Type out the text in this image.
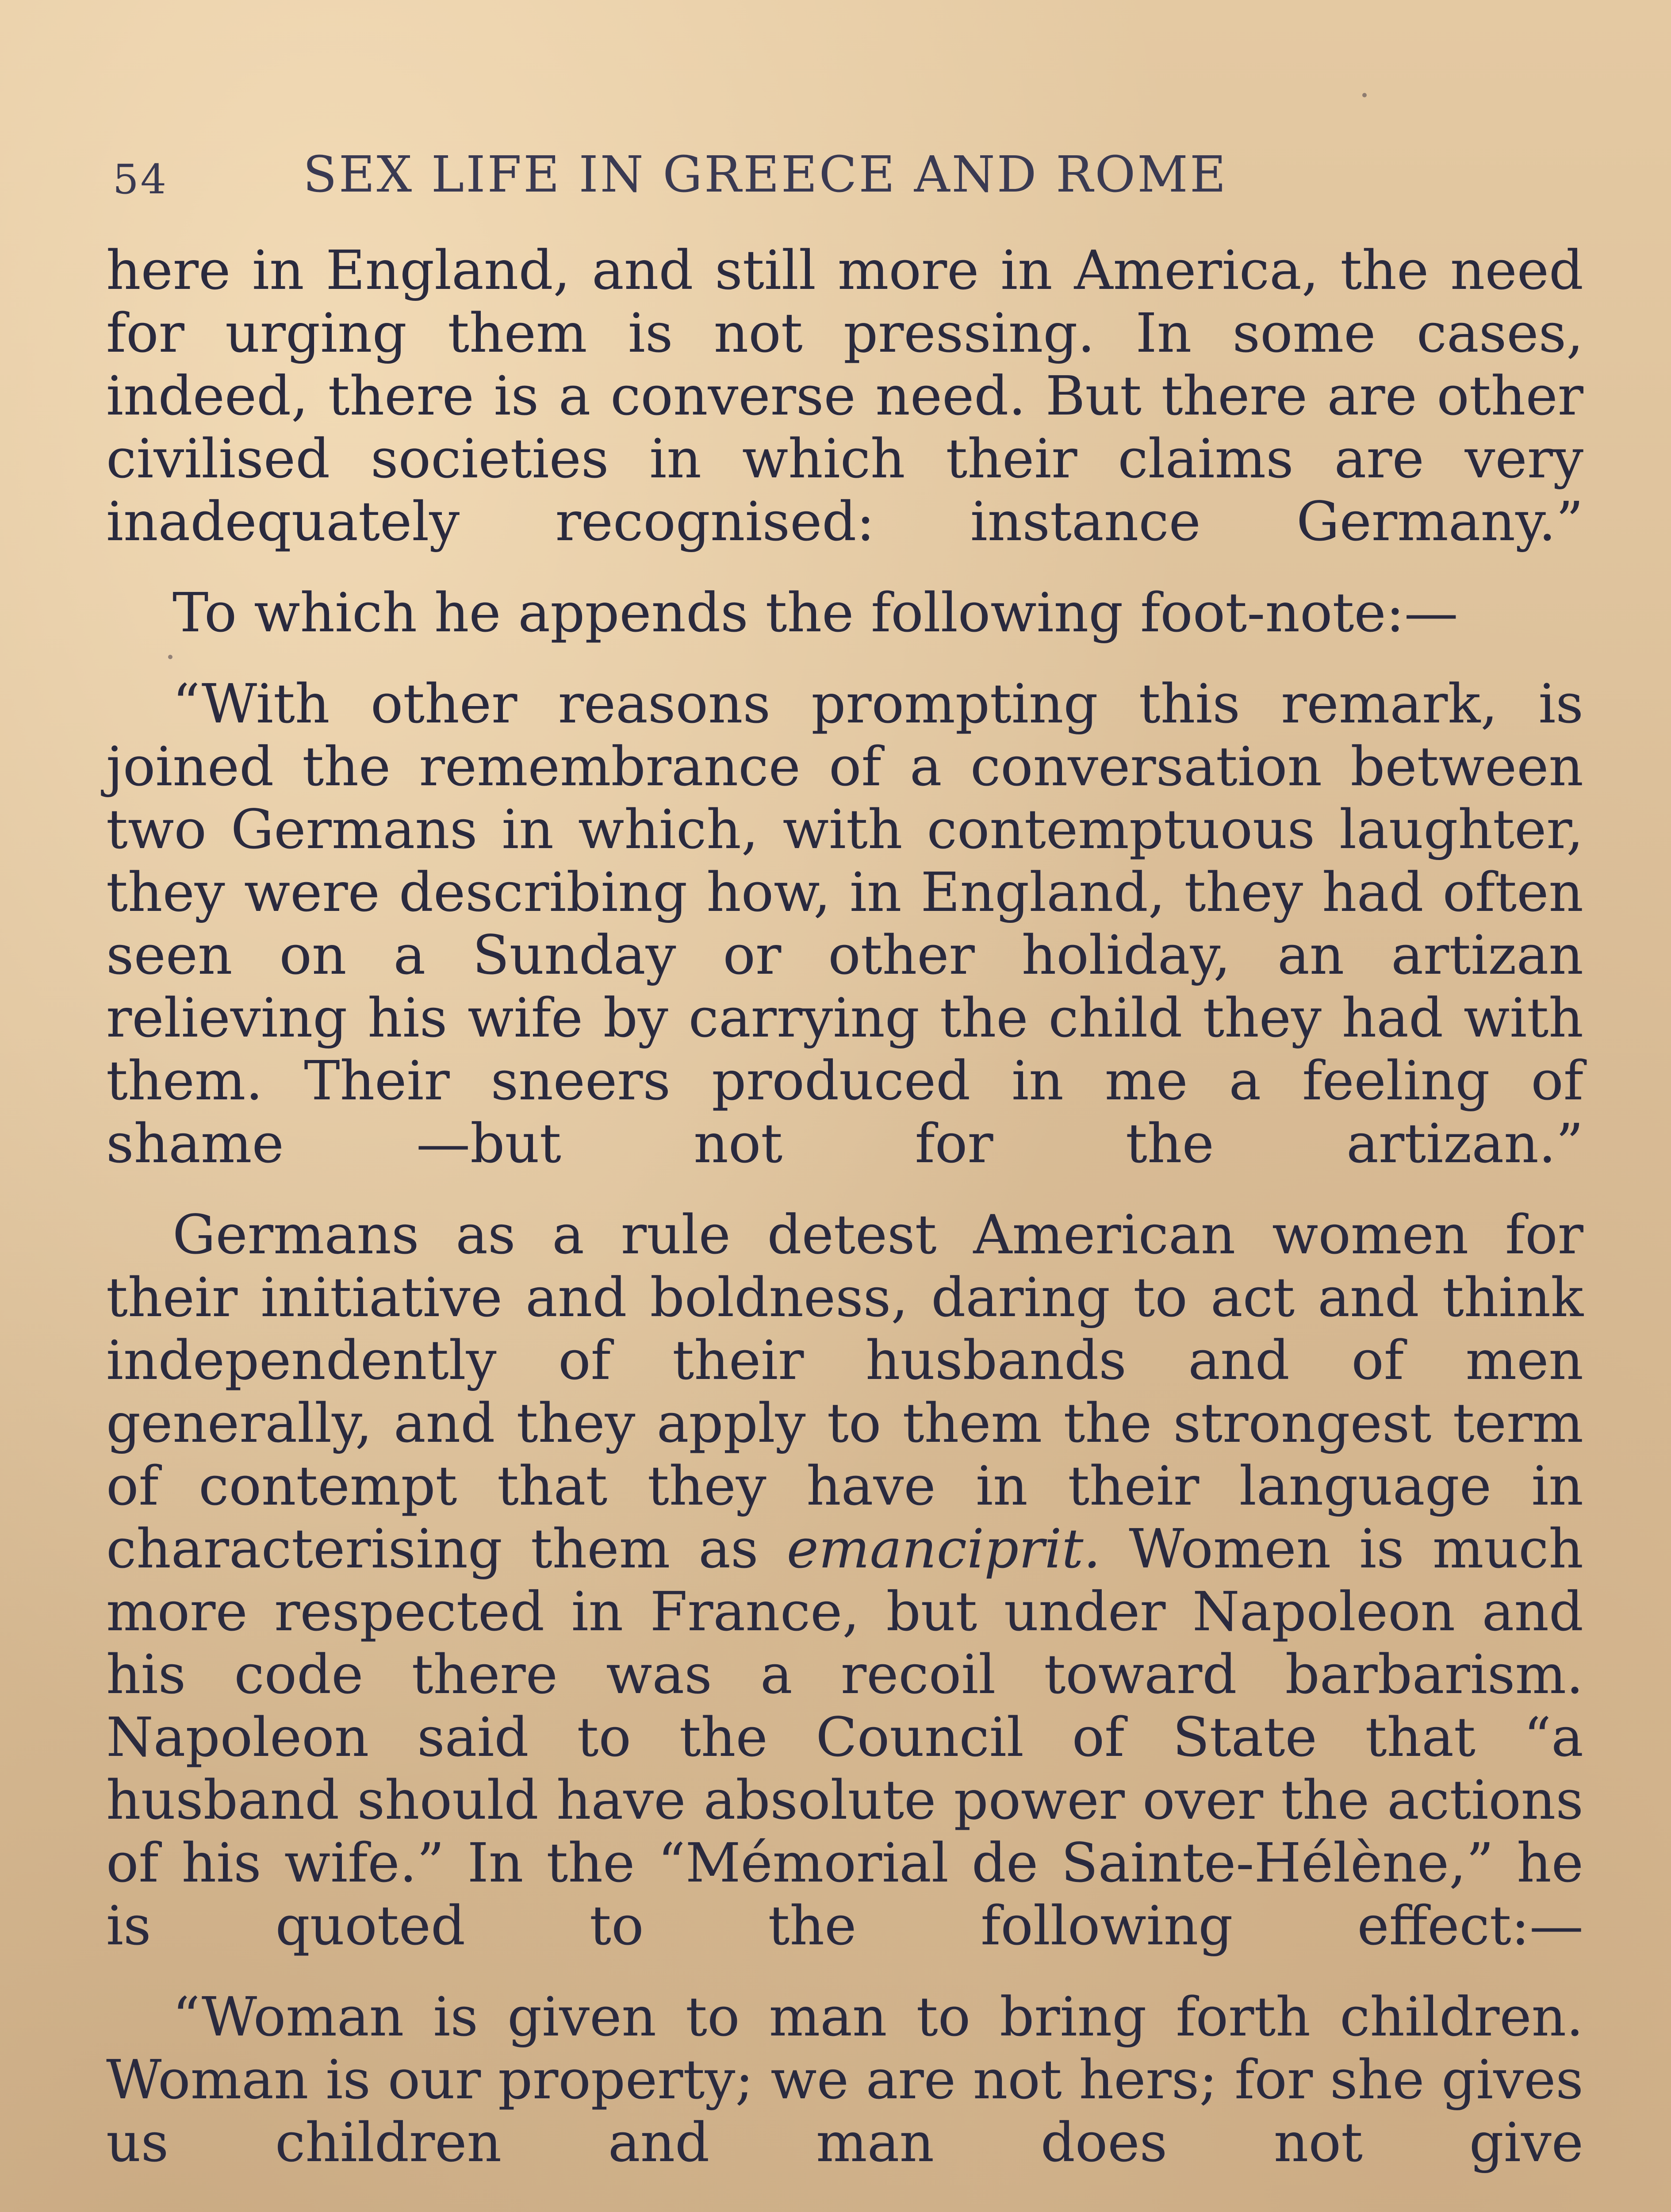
54	SEX LIFE IN GREECE AND ROME

here in England, and still more in America, the need for urging them is not pressing. In some cases, indeed, there is a converse need. But there are other civilised societies in which their claims are very inadequately recognised: instance Germany.”

To which he appends the following foot-note:—

“With other reasons prompting this remark, is joined the remembrance of a conversation between two Germans in which, with contemptuous laughter, they were describing how, in England, they had often seen on a Sunday or other holiday, an artizan relieving his wife by carrying the child they had with them. Their sneers produced in me a feeling of shame —but not for the artizan.”

Germans as a rule detest American women for their initiative and boldness, daring to act and think independently of their husbands and of men generally, and they apply to them the strongest term of contempt that they have in their language in characterising them as emanciprit. Women is much more respected in France, but under Napoleon and his code there was a recoil toward barbarism. Napoleon said to the Council of State that “a husband should have absolute power over the actions of his wife.” In the “Mémorial de Sainte-Hélène,” he is quoted to the following effect:—

“Woman is given to man to bring forth children. Woman is our property; we are not hers; for she gives us children and man does not give
